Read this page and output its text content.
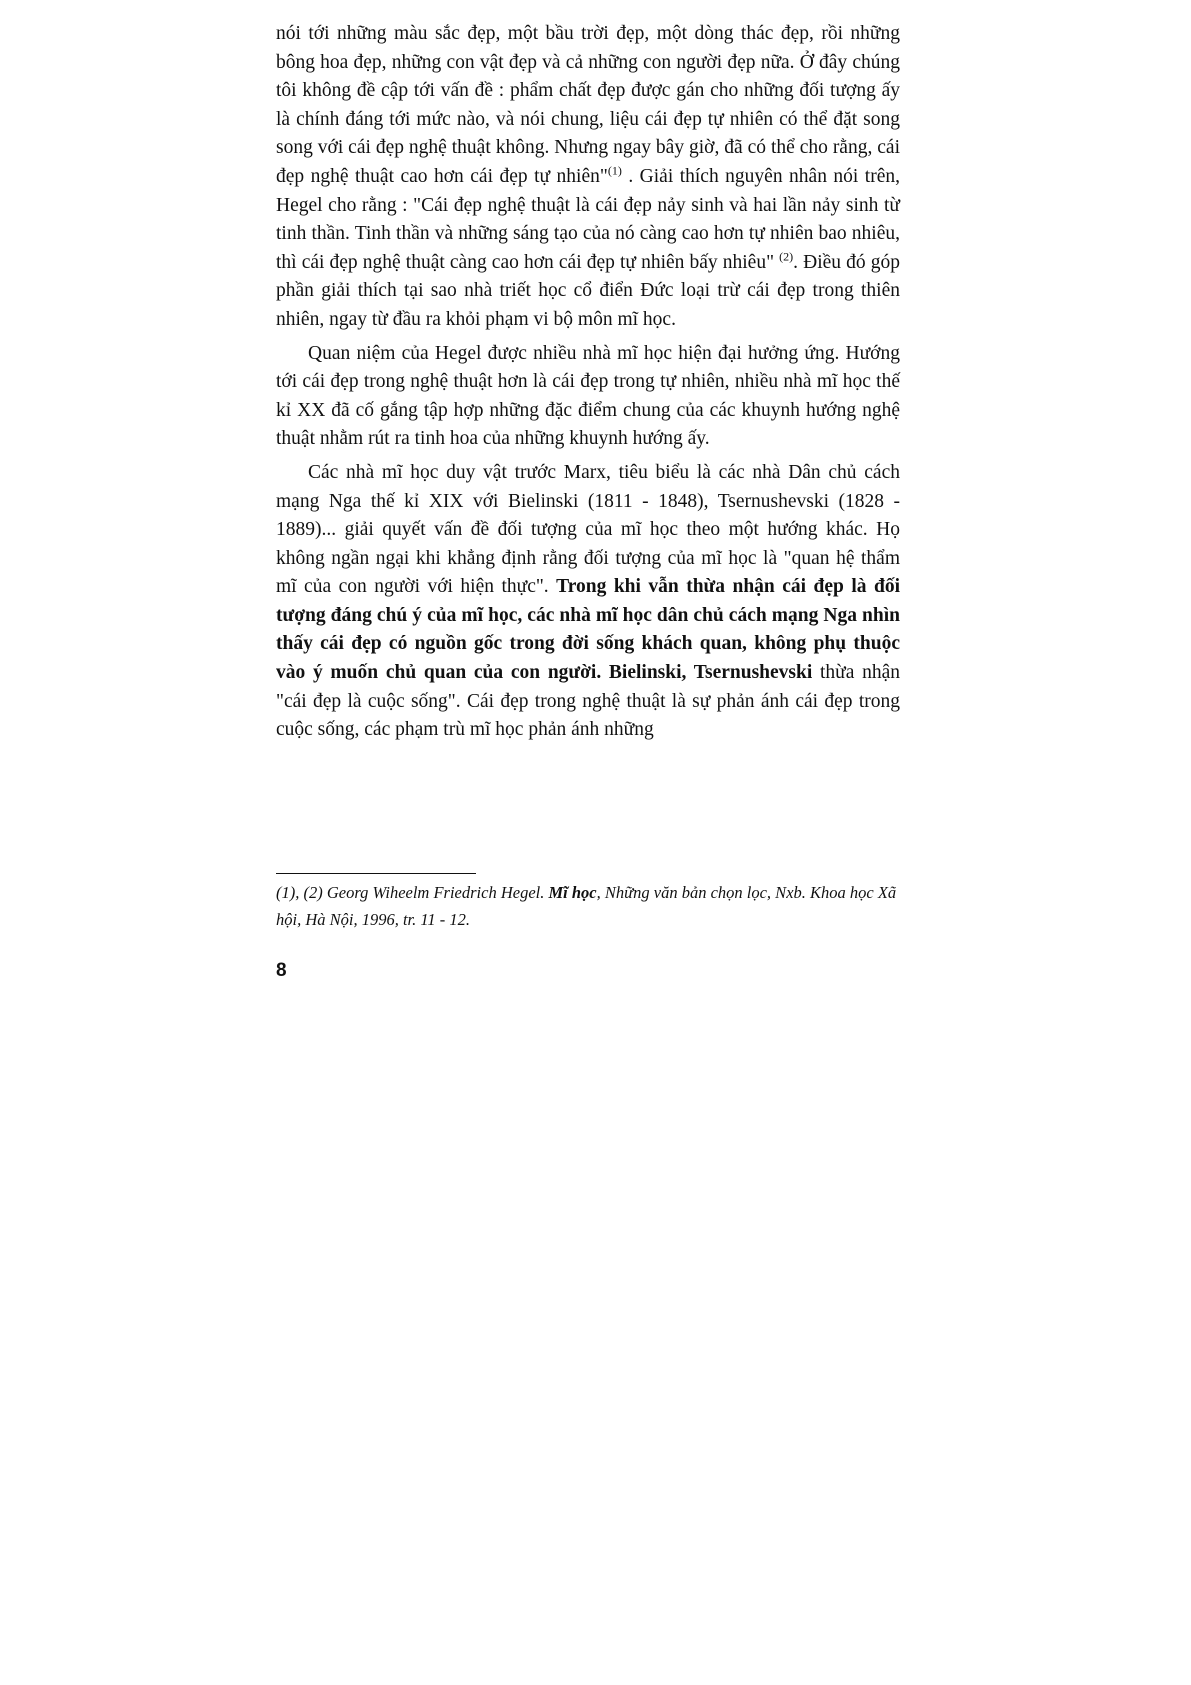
nói tới những màu sắc đẹp, một bầu trời đẹp, một dòng thác đẹp, rồi những bông hoa đẹp, những con vật đẹp và cả những con người đẹp nữa. Ở đây chúng tôi không đề cập tới vấn đề : phẩm chất đẹp được gán cho những đối tượng ấy là chính đáng tới mức nào, và nói chung, liệu cái đẹp tự nhiên có thể đặt song song với cái đẹp nghệ thuật không. Nhưng ngay bây giờ, đã có thể cho rằng, cái đẹp nghệ thuật cao hơn cái đẹp tự nhiên"$^{(1)}$ . Giải thích nguyên nhân nói trên, Hegel cho rằng : "Cái đẹp nghệ thuật là cái đẹp nảy sinh và hai lần nảy sinh từ tinh thần. Tinh thần và những sáng tạo của nó càng cao hơn tự nhiên bao nhiêu, thì cái đẹp nghệ thuật càng cao hơn cái đẹp tự nhiên bấy nhiêu" $^{(2)}$. Điều đó góp phần giải thích tại sao nhà triết học cổ điển Đức loại trừ cái đẹp trong thiên nhiên, ngay từ đầu ra khỏi phạm vi bộ môn mĩ học.

Quan niệm của Hegel được nhiều nhà mĩ học hiện đại hưởng ứng. Hướng tới cái đẹp trong nghệ thuật hơn là cái đẹp trong tự nhiên, nhiều nhà mĩ học thế kỉ XX đã cố gắng tập hợp những đặc điểm chung của các khuynh hướng nghệ thuật nhằm rút ra tinh hoa của những khuynh hướng ấy.

Các nhà mĩ học duy vật trước Marx, tiêu biểu là các nhà Dân chủ cách mạng Nga thế kỉ XIX với Bielinski (1811 - 1848), Tsernushevski (1828 - 1889)... giải quyết vấn đề đối tượng của mĩ học theo một hướng khác. Họ không ngần ngại khi khẳng định rằng đối tượng của mĩ học là "quan hệ thẩm mĩ của con người với hiện thực". Trong khi vẫn thừa nhận cái đẹp là đối tượng đáng chú ý của mĩ học, các nhà mĩ học dân chủ cách mạng Nga nhìn thấy cái đẹp có nguồn gốc trong đời sống khách quan, không phụ thuộc vào ý muốn chủ quan của con người. Bielinski, Tsernushevski thừa nhận "cái đẹp là cuộc sống". Cái đẹp trong nghệ thuật là sự phản ánh cái đẹp trong cuộc sống, các phạm trù mĩ học phản ánh những

(1), (2) Georg Wiheelm Friedrich Hegel. Mĩ học, Những văn bản chọn lọc, Nxb. Khoa học Xã hội, Hà Nội, 1996, tr. 11 - 12.
8
